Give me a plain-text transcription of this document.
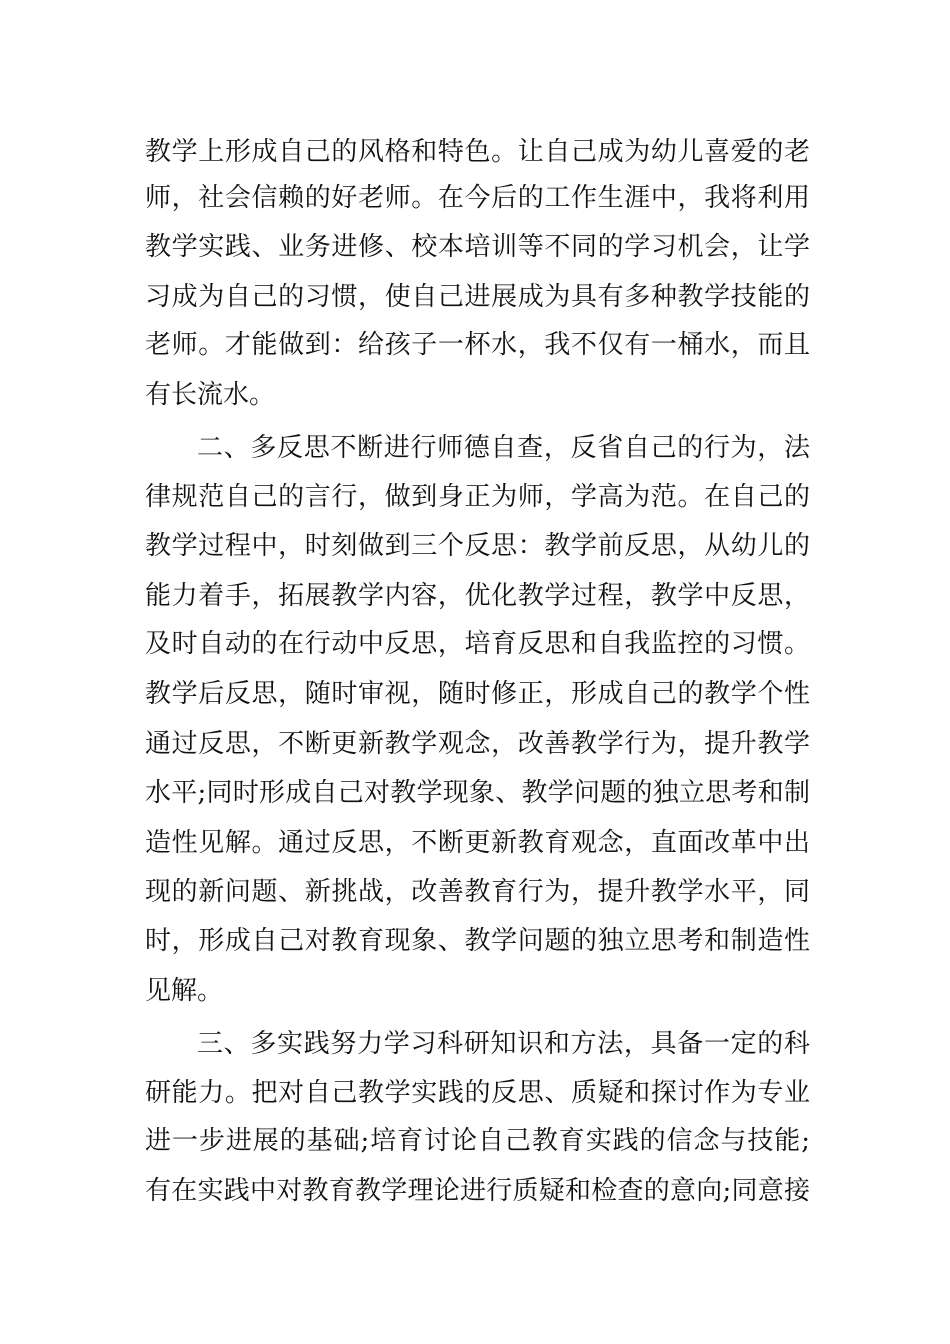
教学上形成自己的风格和特色。让自己成为幼儿喜爱的老
师，社会信赖的好老师。在今后的工作生涯中，我将利用
教学实践、业务进修、校本培训等不同的学习机会，让学
习成为自己的习惯，使自己进展成为具有多种教学技能的
老师。才能做到：给孩子一杯水，我不仅有一桶水，而且
有长流水。
二、多反思不断进行师德自查，反省自己的行为，法
律规范自己的言行，做到身正为师，学高为范。在自己的
教学过程中，时刻做到三个反思：教学前反思，从幼儿的
能力着手，拓展教学内容，优化教学过程，教学中反思，
及时自动的在行动中反思，培育反思和自我监控的习惯。
教学后反思，随时审视，随时修正，形成自己的教学个性
通过反思，不断更新教学观念，改善教学行为，提升教学
水平;同时形成自己对教学现象、教学问题的独立思考和制
造性见解。通过反思，不断更新教育观念，直面改革中出
现的新问题、新挑战，改善教育行为，提升教学水平，同
时，形成自己对教育现象、教学问题的独立思考和制造性
见解。
三、多实践努力学习科研知识和方法，具备一定的科
研能力。把对自己教学实践的反思、质疑和探讨作为专业
进一步进展的基础;培育讨论自己教育实践的信念与技能;
有在实践中对教育教学理论进行质疑和检查的意向;同意接
